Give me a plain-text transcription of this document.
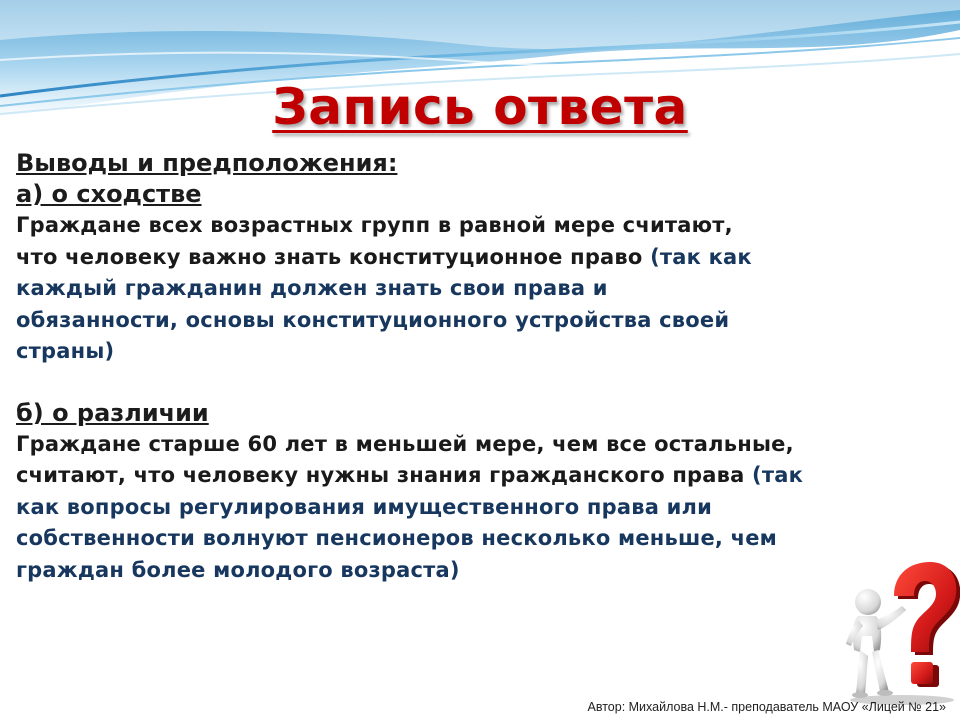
Запись ответа

Выводы и предположения:

а) о сходстве

Граждане всех возрастных групп в равной мере считают, что человеку важно знать конституционное право (так как каждый гражданин должен знать свои права и обязанности, основы конституционного устройства своей страны)

б) о различии

Граждане старше 60 лет в меньшей мере, чем все остальные, считают, что человеку нужны знания гражданского права (так как вопросы регулирования имущественного права или собственности волнуют пенсионеров несколько меньше, чем граждан более молодого возраста)

Автор: Михайлова Н.М.- преподаватель МАОУ «Лицей № 21»
